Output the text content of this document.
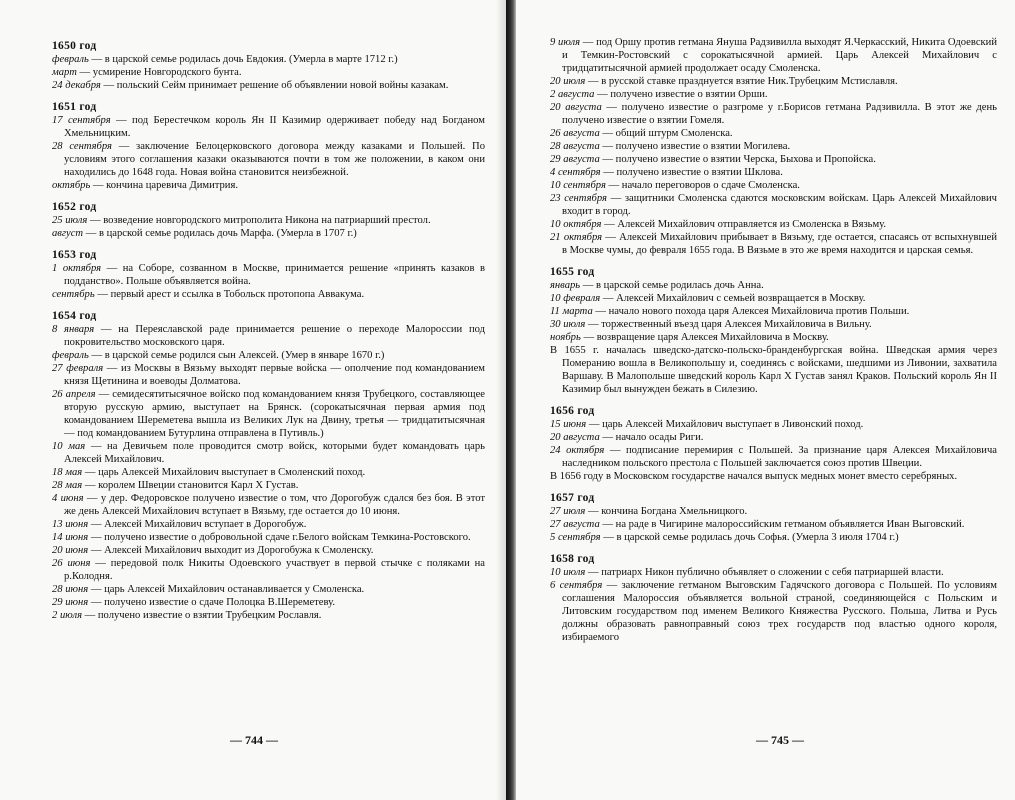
1650 год

февраль — в царской семье родилась дочь Евдокия. (Умерла в марте 1712 г.)

март — усмирение Новгородского бунта.

24 декабря — польский Сейм принимает решение об объявлении новой войны казакам.

1651 год

17 сентября — под Берестечком король Ян II Казимир одерживает победу над Богданом Хмельницким.

28 сентября — заключение Белоцерковского договора между казаками и Польшей. По условиям этого соглашения казаки оказываются почти в том же положении, в каком они находились до 1648 года. Новая война становится неизбежной.

октябрь — кончина царевича Димитрия.

1652 год

25 июля — возведение новгородского митрополита Никона на патриарший престол.

август — в царской семье родилась дочь Марфа. (Умерла в 1707 г.)

1653 год

1 октября — на Соборе, созванном в Москве, принимается решение «принять казаков в подданство». Польше объявляется война.

сентябрь — первый арест и ссылка в Тобольск протопопа Аввакума.

1654 год

8 января — на Переяславской раде принимается решение о переходе Малороссии под покровительство московского царя.

февраль — в царской семье родился сын Алексей. (Умер в январе 1670 г.)

27 февраля — из Москвы в Вязьму выходят первые войска — ополчение под командованием князя Щетинина и воеводы Долматова.

26 апреля — семидесятитысячное войско под командованием князя Трубецкого, составляющее вторую русскую армию, выступает на Брянск. (сорокатысячная первая армия под командованием Шереметева вышла из Великих Лук на Двину, третья — тридцатитысячная — под командованием Бутурлина отправлена в Путивль.)

10 мая — на Девичьем поле проводится смотр войск, которыми будет командовать царь Алексей Михайлович.

18 мая — царь Алексей Михайлович выступает в Смоленский поход.

28 мая — королем Швеции становится Карл Х Густав.

4 июня — у дер. Федоровское получено известие о том, что Дорогобуж сдался без боя. В этот же день Алексей Михайлович вступает в Вязьму, где остается до 10 июня.

13 июня — Алексей Михайлович вступает в Дорогобуж.

14 июня — получено известие о добровольной сдаче г.Белого войскам Темкина-Ростовского.

20 июня — Алексей Михайлович выходит из Дорогобужа к Смоленску.

26 июня — передовой полк Никиты Одоевского участвует в первой стычке с поляками на р.Колодня.

28 июня — царь Алексей Михайлович останавливается у Смоленска.

29 июня — получено известие о сдаче Полоцка В.Шереметеву.

2 июля — получено известие о взятии Трубецким Рославля.

9 июля — под Оршу против гетмана Януша Радзивилла выходят Я.Черкасский, Никита Одоевский и Темкин-Ростовский с сорокатысячной армией. Царь Алексей Михайлович с тридцатитысячной армией продолжает осаду Смоленска.

20 июля — в русской ставке празднуется взятие Ник.Трубецким Мстиславля.

2 августа — получено известие о взятии Орши.

20 августа — получено известие о разгроме у г.Борисов гетмана Радзивилла. В этот же день получено известие о взятии Гомеля.

26 августа — общий штурм Смоленска.

28 августа — получено известие о взятии Могилева.

29 августа — получено известие о взятии Черска, Быхова и Пропойска.

4 сентября — получено известие о взятии Шклова.

10 сентября — начало переговоров о сдаче Смоленска.

23 сентября — защитники Смоленска сдаются московским войскам. Царь Алексей Михайлович входит в город.

10 октября — Алексей Михайлович отправляется из Смоленска в Вязьму.

21 октября — Алексей Михайлович прибывает в Вязьму, где остается, спасаясь от вспыхнувшей в Москве чумы, до февраля 1655 года. В Вязьме в это же время находится и царская семья.

1655 год

январь — в царской семье родилась дочь Анна.

10 февраля — Алексей Михайлович с семьей возвращается в Москву.

11 марта — начало нового похода царя Алексея Михайловича против Польши.

30 июля — торжественный въезд царя Алексея Михайловича в Вильну.

ноябрь — возвращение царя Алексея Михайловича в Москву.

В 1655 г. началась шведско-датско-польско-бранденбургская война. Шведская армия через Померанию вошла в Великопольшу и, соединясь с войсками, шедшими из Ливонии, захватила Варшаву. В Малопольше шведский король Карл Х Густав занял Краков. Польский король Ян II Казимир был вынужден бежать в Силезию.

1656 год

15 июня — царь Алексей Михайлович выступает в Ливонский поход.

20 августа — начало осады Риги.

24 октября — подписание перемирия с Польшей. За признание царя Алексея Михайловича наследником польского престола с Польшей заключается союз против Швеции.

В 1656 году в Московском государстве начался выпуск медных монет вместо серебряных.

1657 год

27 июля — кончина Богдана Хмельницкого.

27 августа — на раде в Чигирине малороссийским гетманом объявляется Иван Выговский.

5 сентября — в царской семье родилась дочь Софья. (Умерла 3 июля 1704 г.)

1658 год

10 июля — патриарх Никон публично объявляет о сложении с себя патриаршей власти.

6 сентября — заключение гетманом Выговским Гадячского договора с Польшей. По условиям соглашения Малороссия объявляется вольной страной, соединяющейся с Польским и Литовским государством под именем Великого Княжества Русского. Польша, Литва и Русь должны образовать равноправный союз трех государств под властью одного короля, избираемого

— 744 —	— 745 —
